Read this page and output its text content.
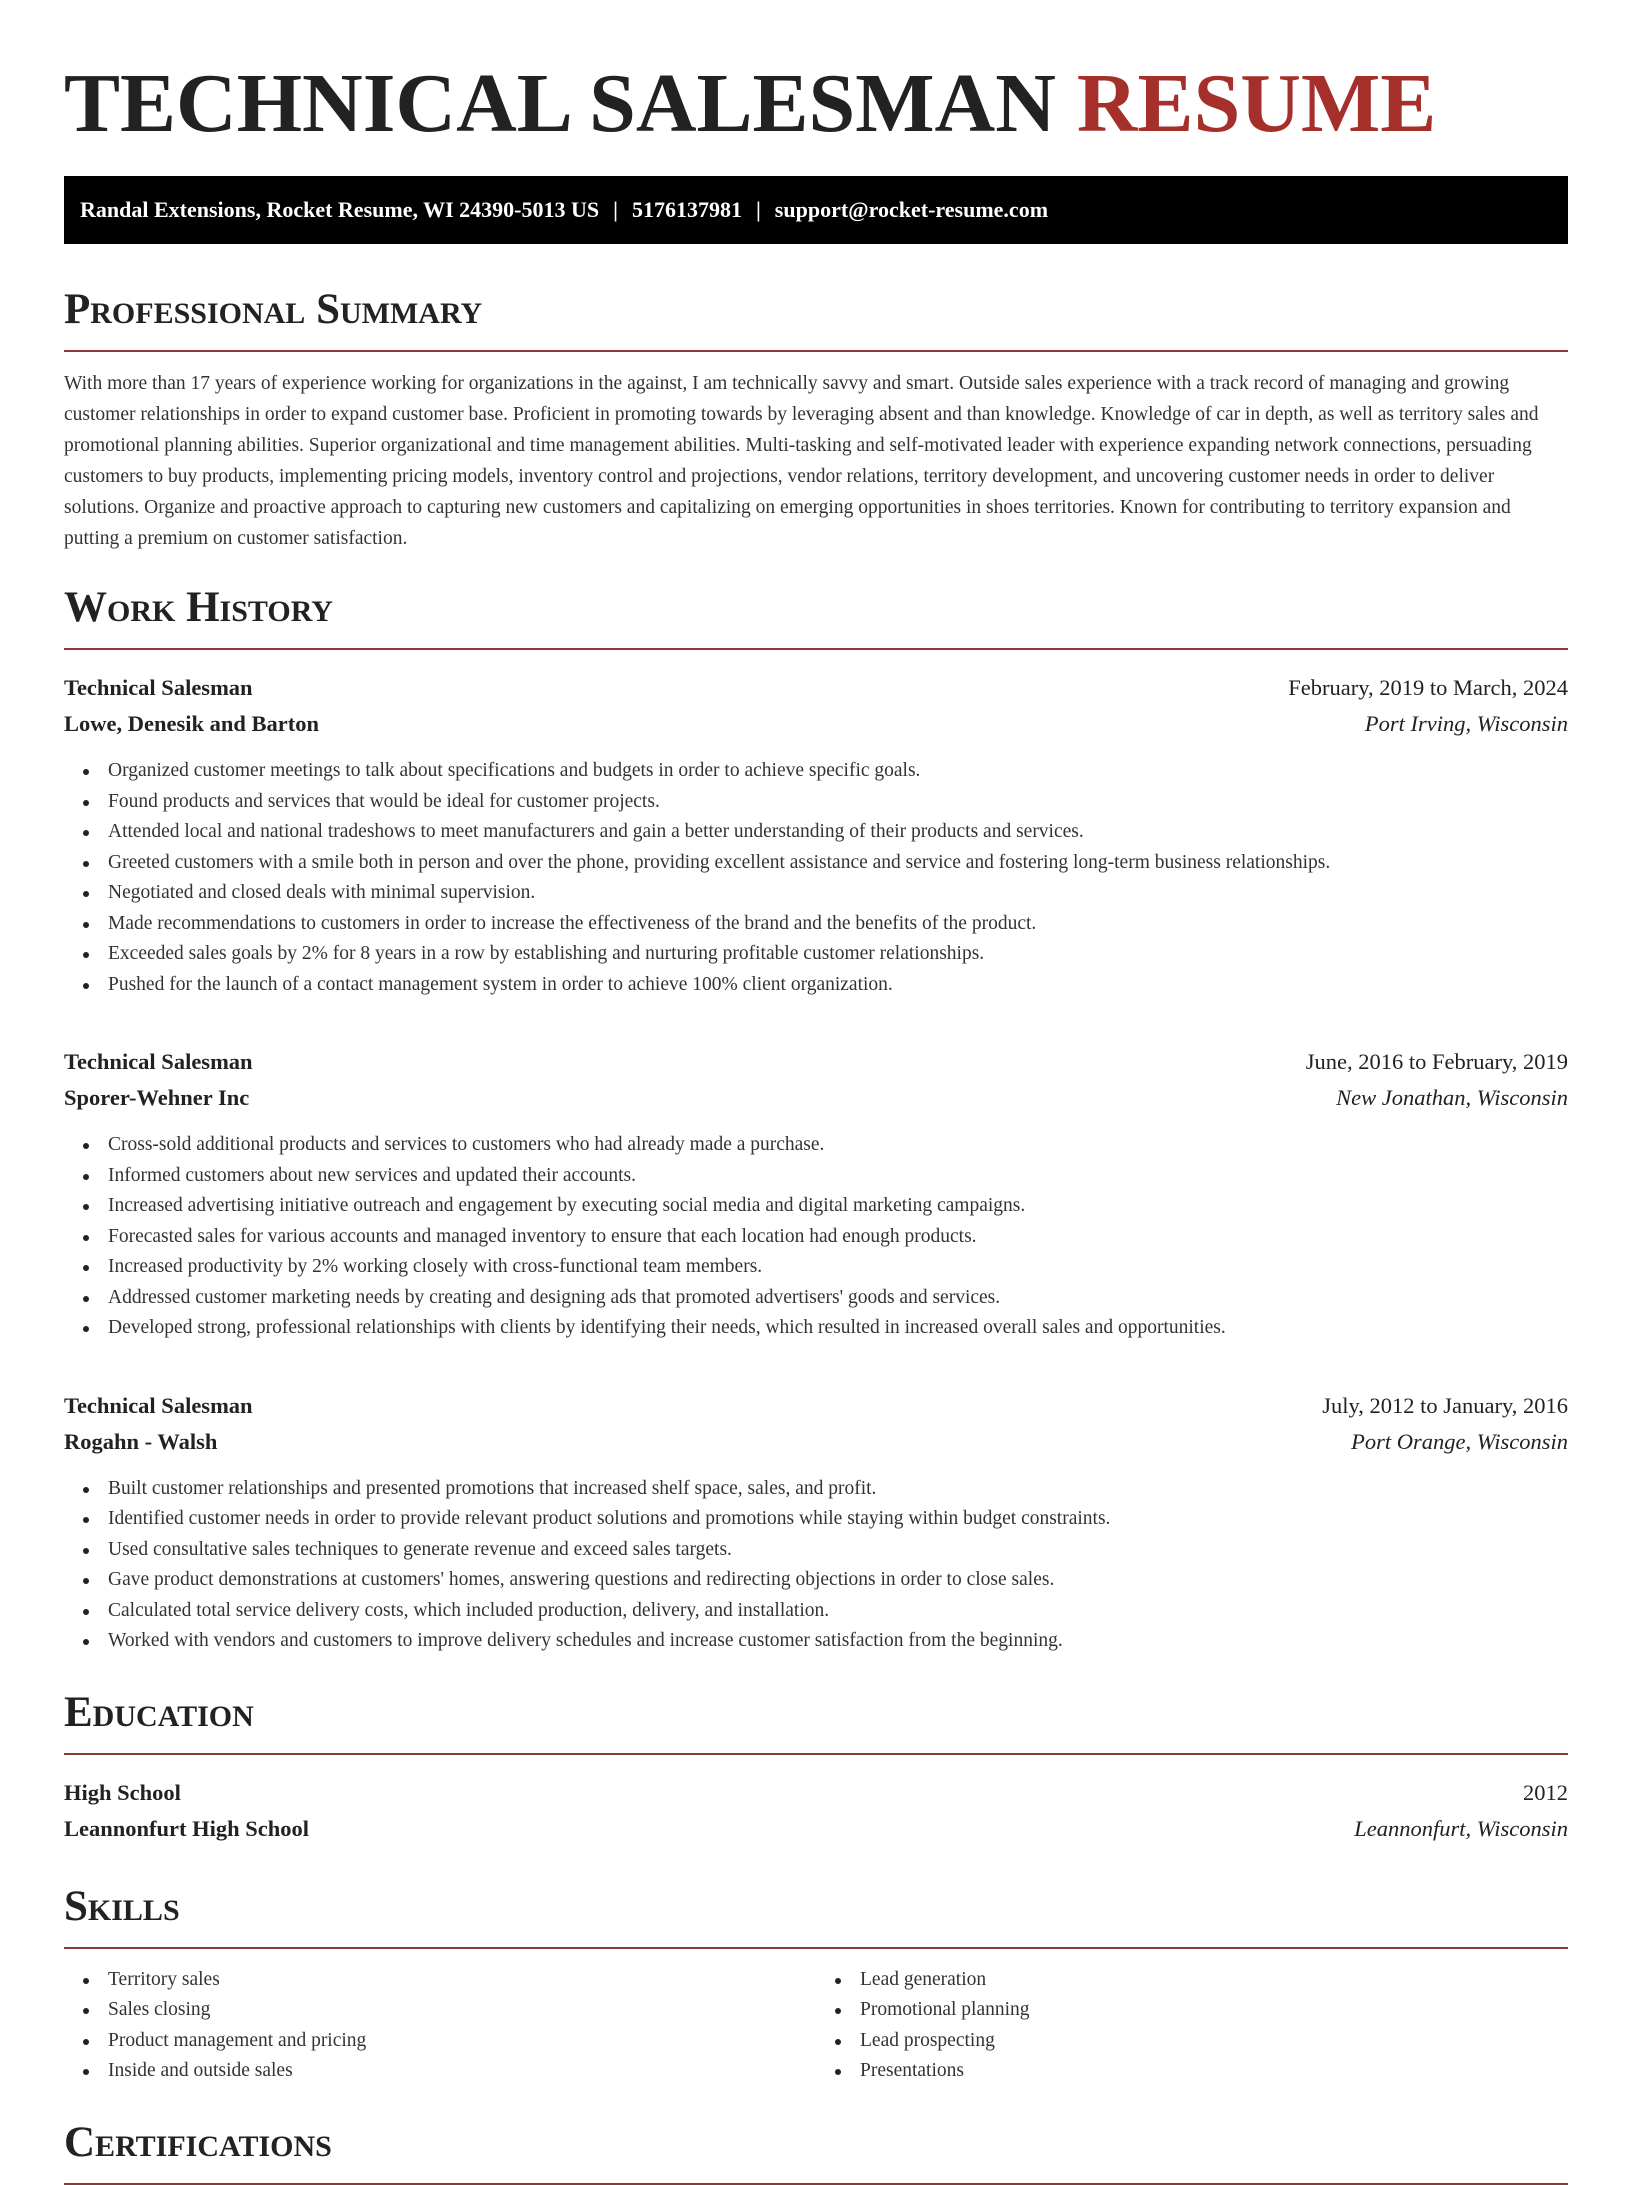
TECHNICAL SALESMAN RESUME
Randal Extensions, Rocket Resume, WI 24390-5013 US | 5176137981 | support@rocket-resume.com
Professional Summary

With more than 17 years of experience working for organizations in the against, I am technically savvy and smart. Outside sales experience with a track record of managing and growing customer relationships in order to expand customer base. Proficient in promoting towards by leveraging absent and than knowledge. Knowledge of car in depth, as well as territory sales and promotional planning abilities. Superior organizational and time management abilities. Multi-tasking and self-motivated leader with experience expanding network connections, persuading customers to buy products, implementing pricing models, inventory control and projections, vendor relations, territory development, and uncovering customer needs in order to deliver solutions. Organize and proactive approach to capturing new customers and capitalizing on emerging opportunities in shoes territories. Known for contributing to territory expansion and putting a premium on customer satisfaction.

Work History
Technical Salesman	February, 2019 to March, 2024
Lowe, Denesik and Barton	Port Irving, Wisconsin
Organized customer meetings to talk about specifications and budgets in order to achieve specific goals.
Found products and services that would be ideal for customer projects.
Attended local and national tradeshows to meet manufacturers and gain a better understanding of their products and services.
Greeted customers with a smile both in person and over the phone, providing excellent assistance and service and fostering long-term business relationships.
Negotiated and closed deals with minimal supervision.
Made recommendations to customers in order to increase the effectiveness of the brand and the benefits of the product.
Exceeded sales goals by 2% for 8 years in a row by establishing and nurturing profitable customer relationships.
Pushed for the launch of a contact management system in order to achieve 100% client organization.
Technical Salesman	June, 2016 to February, 2019
Sporer-Wehner Inc	New Jonathan, Wisconsin
Cross-sold additional products and services to customers who had already made a purchase.
Informed customers about new services and updated their accounts.
Increased advertising initiative outreach and engagement by executing social media and digital marketing campaigns.
Forecasted sales for various accounts and managed inventory to ensure that each location had enough products.
Increased productivity by 2% working closely with cross-functional team members.
Addressed customer marketing needs by creating and designing ads that promoted advertisers' goods and services.
Developed strong, professional relationships with clients by identifying their needs, which resulted in increased overall sales and opportunities.
Technical Salesman	July, 2012 to January, 2016
Rogahn - Walsh	Port Orange, Wisconsin
Built customer relationships and presented promotions that increased shelf space, sales, and profit.
Identified customer needs in order to provide relevant product solutions and promotions while staying within budget constraints.
Used consultative sales techniques to generate revenue and exceed sales targets.
Gave product demonstrations at customers' homes, answering questions and redirecting objections in order to close sales.
Calculated total service delivery costs, which included production, delivery, and installation.
Worked with vendors and customers to improve delivery schedules and increase customer satisfaction from the beginning.
Education
High School	2012
Leannonfurt High School	Leannonfurt, Wisconsin
Skills
Territory sales
Sales closing
Product management and pricing
Inside and outside sales
Lead generation
Promotional planning
Lead prospecting
Presentations
Certifications
